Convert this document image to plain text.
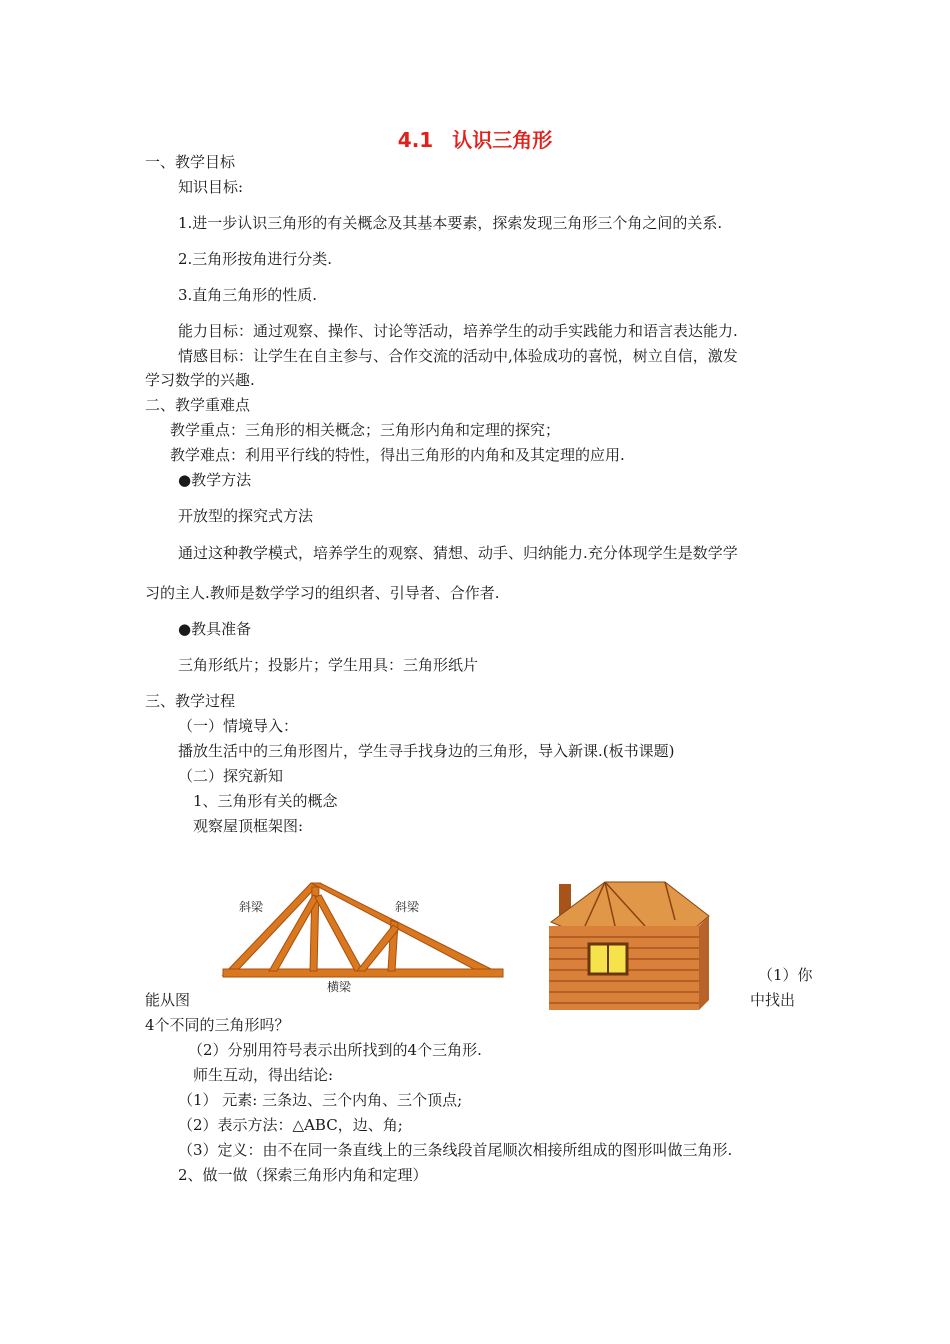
4.1 认识三角形
一、教学目标
知识目标:
1.进一步认识三角形的有关概念及其基本要素，探索发现三角形三个角之间的关系.
2.三角形按角进行分类.
3.直角三角形的性质.
能力目标：通过观察、操作、讨论等活动，培养学生的动手实践能力和语言表达能力.
情感目标：让学生在自主参与、合作交流的活动中,体验成功的喜悦，树立自信，激发
学习数学的兴趣.
二、教学重难点
教学重点：三角形的相关概念；三角形内角和定理的探究；
教学难点：利用平行线的特性，得出三角形的内角和及其定理的应用.
●教学方法
开放型的探究式方法
通过这种教学模式，培养学生的观察、猜想、动手、归纳能力.充分体现学生是数学学
习的主人.教师是数学学习的组织者、引导者、合作者.
●教具准备
三角形纸片；投影片；学生用具：三角形纸片
三、教学过程
（一）情境导入：
播放生活中的三角形图片，学生寻手找身边的三角形，导入新课.(板书课题)
（二）探究新知
1、三角形有关的概念
观察屋顶框架图:
斜梁	斜梁
横梁
（1）你
能从图	中找出
4个不同的三角形吗？
（2）分别用符号表示出所找到的4个三角形.
师生互动，得出结论:
（1） 元素: 三条边、三个内角、三个顶点;
（2）表示方法：△ABC，边、角;
（3）定义：由不在同一条直线上的三条线段首尾顺次相接所组成的图形叫做三角形.
2、做一做（探索三角形内角和定理）
